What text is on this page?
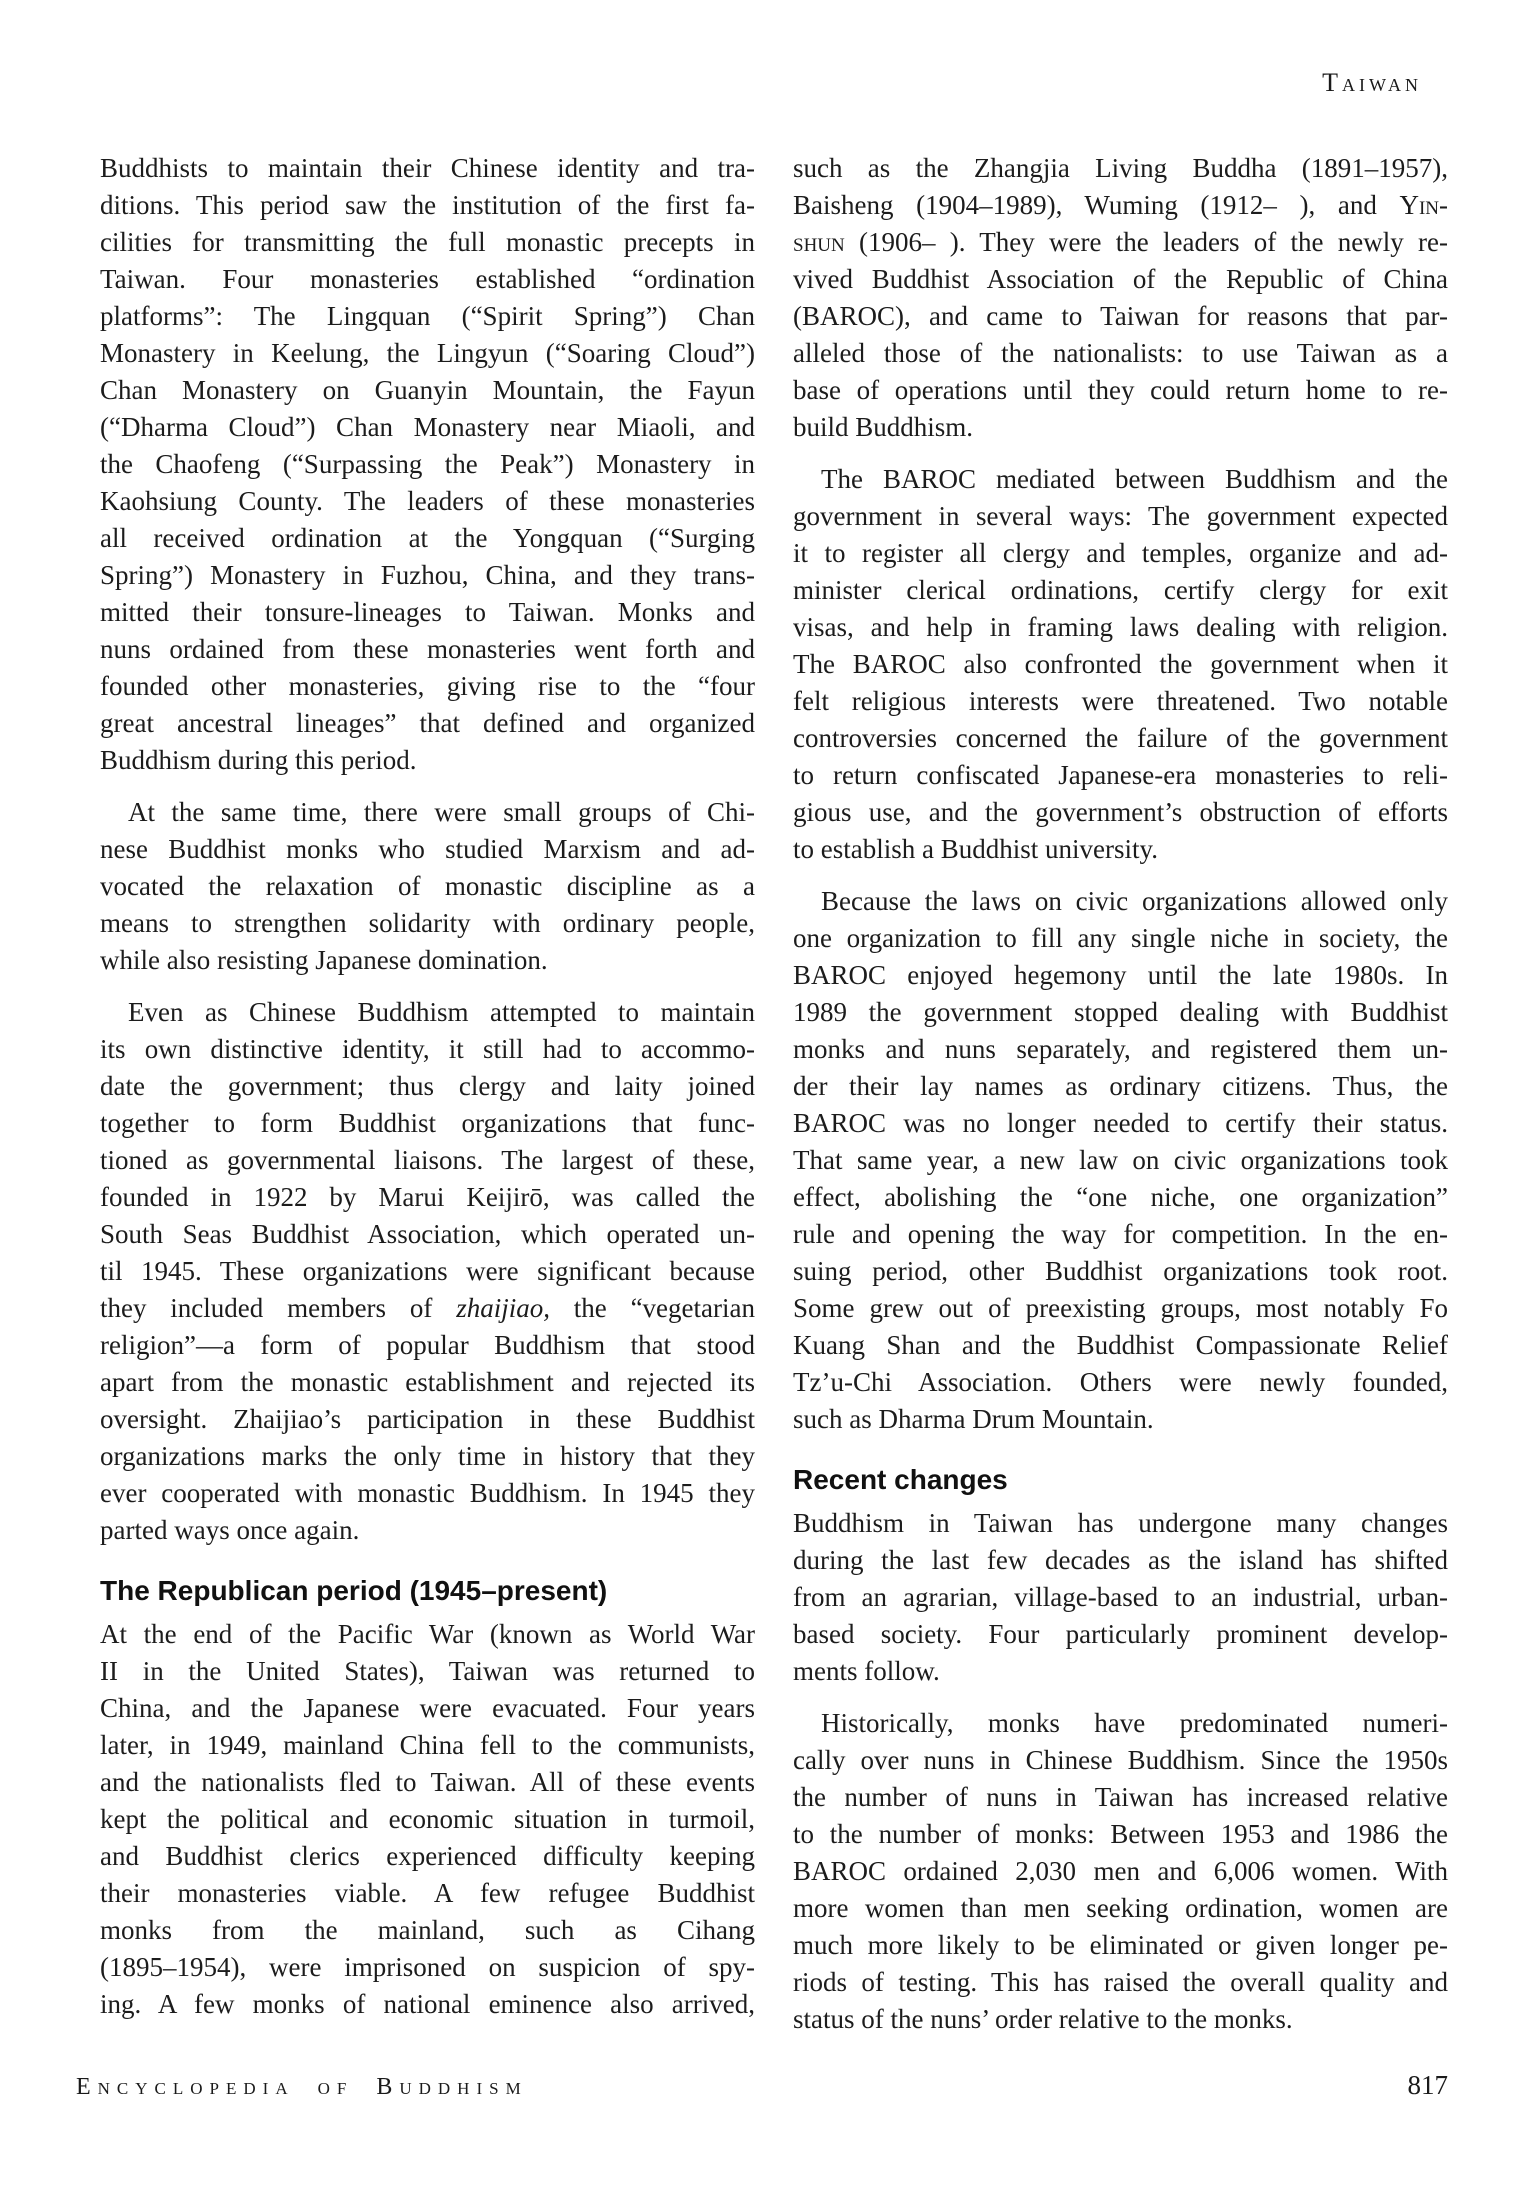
Taiwan
Buddhists to maintain their Chinese identity and tra-
ditions. This period saw the institution of the first fa-
cilities for transmitting the full monastic precepts in
Taiwan. Four monasteries established “ordination
platforms”: The Lingquan (“Spirit Spring”) Chan
Monastery in Keelung, the Lingyun (“Soaring Cloud”)
Chan Monastery on Guanyin Mountain, the Fayun
(“Dharma Cloud”) Chan Monastery near Miaoli, and
the Chaofeng (“Surpassing the Peak”) Monastery in
Kaohsiung County. The leaders of these monasteries
all received ordination at the Yongquan (“Surging
Spring”) Monastery in Fuzhou, China, and they trans-
mitted their tonsure-lineages to Taiwan. Monks and
nuns ordained from these monasteries went forth and
founded other monasteries, giving rise to the “four
great ancestral lineages” that defined and organized
Buddhism during this period.
At the same time, there were small groups of Chi-
nese Buddhist monks who studied Marxism and ad-
vocated the relaxation of monastic discipline as a
means to strengthen solidarity with ordinary people,
while also resisting Japanese domination.
Even as Chinese Buddhism attempted to maintain
its own distinctive identity, it still had to accommo-
date the government; thus clergy and laity joined
together to form Buddhist organizations that func-
tioned as governmental liaisons. The largest of these,
founded in 1922 by Marui Keijirō, was called the
South Seas Buddhist Association, which operated un-
til 1945. These organizations were significant because
they included members of zhaijiao, the “vegetarian
religion”—a form of popular Buddhism that stood
apart from the monastic establishment and rejected its
oversight. Zhaijiao’s participation in these Buddhist
organizations marks the only time in history that they
ever cooperated with monastic Buddhism. In 1945 they
parted ways once again.
The Republican period (1945–present)
At the end of the Pacific War (known as World War
II in the United States), Taiwan was returned to
China, and the Japanese were evacuated. Four years
later, in 1949, mainland China fell to the communists,
and the nationalists fled to Taiwan. All of these events
kept the political and economic situation in turmoil,
and Buddhist clerics experienced difficulty keeping
their monasteries viable. A few refugee Buddhist
monks from the mainland, such as Cihang
(1895–1954), were imprisoned on suspicion of spy-
ing. A few monks of national eminence also arrived,
such as the Zhangjia Living Buddha (1891–1957),
Baisheng (1904–1989), Wuming (1912– ), and Yin-
shun (1906– ). They were the leaders of the newly re-
vived Buddhist Association of the Republic of China
(BAROC), and came to Taiwan for reasons that par-
alleled those of the nationalists: to use Taiwan as a
base of operations until they could return home to re-
build Buddhism.
The BAROC mediated between Buddhism and the
government in several ways: The government expected
it to register all clergy and temples, organize and ad-
minister clerical ordinations, certify clergy for exit
visas, and help in framing laws dealing with religion.
The BAROC also confronted the government when it
felt religious interests were threatened. Two notable
controversies concerned the failure of the government
to return confiscated Japanese-era monasteries to reli-
gious use, and the government’s obstruction of efforts
to establish a Buddhist university.
Because the laws on civic organizations allowed only
one organization to fill any single niche in society, the
BAROC enjoyed hegemony until the late 1980s. In
1989 the government stopped dealing with Buddhist
monks and nuns separately, and registered them un-
der their lay names as ordinary citizens. Thus, the
BAROC was no longer needed to certify their status.
That same year, a new law on civic organizations took
effect, abolishing the “one niche, one organization”
rule and opening the way for competition. In the en-
suing period, other Buddhist organizations took root.
Some grew out of preexisting groups, most notably Fo
Kuang Shan and the Buddhist Compassionate Relief
Tz’u-Chi Association. Others were newly founded,
such as Dharma Drum Mountain.
Recent changes
Buddhism in Taiwan has undergone many changes
during the last few decades as the island has shifted
from an agrarian, village-based to an industrial, urban-
based society. Four particularly prominent develop-
ments follow.
Historically, monks have predominated numeri-
cally over nuns in Chinese Buddhism. Since the 1950s
the number of nuns in Taiwan has increased relative
to the number of monks: Between 1953 and 1986 the
BAROC ordained 2,030 men and 6,006 women. With
more women than men seeking ordination, women are
much more likely to be eliminated or given longer pe-
riods of testing. This has raised the overall quality and
status of the nuns’ order relative to the monks.
Encyclopedia of Buddhism	817
